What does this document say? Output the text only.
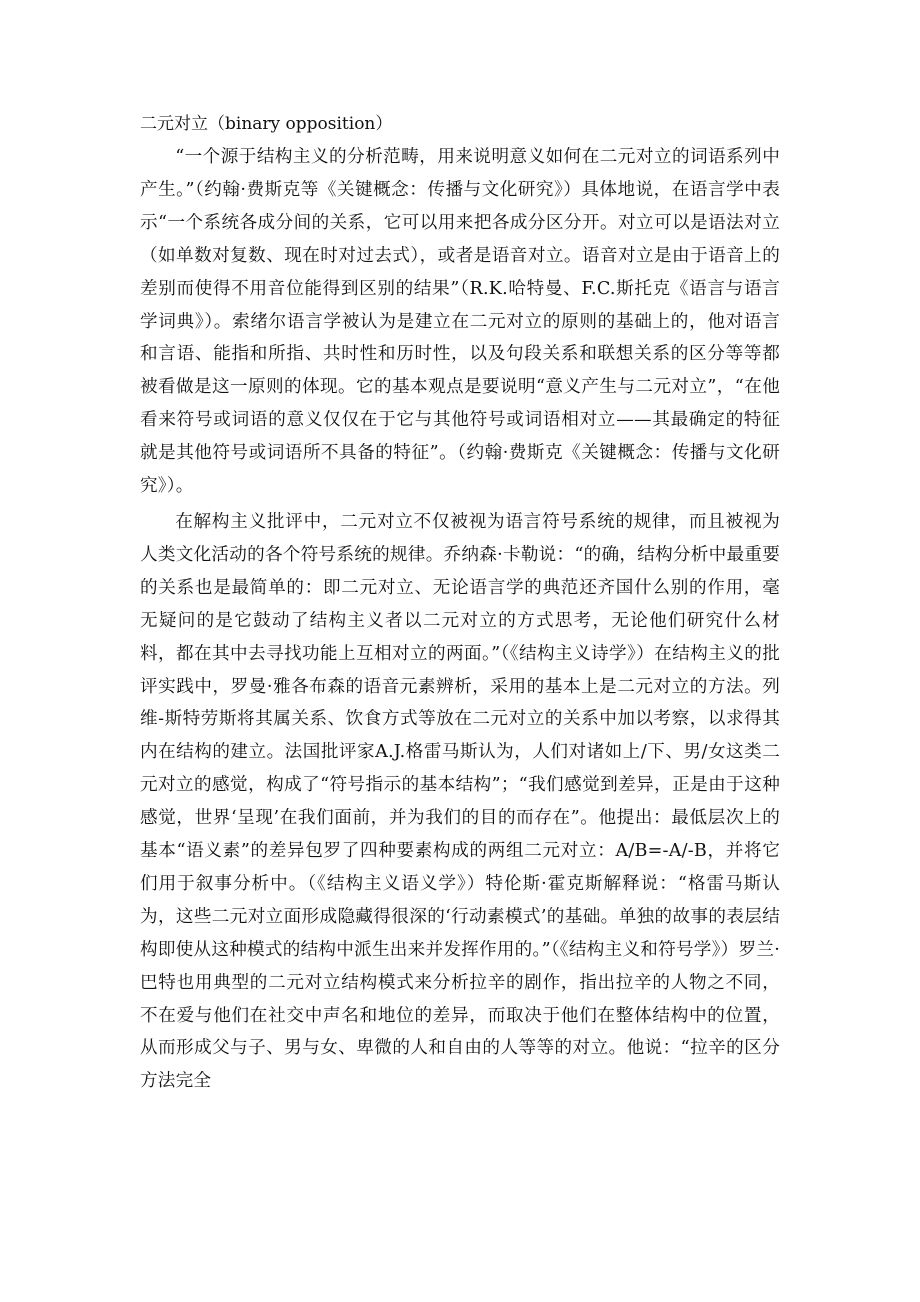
二元对立（binary opposition）

“一个源于结构主义的分析范畴，用来说明意义如何在二元对立的词语系列中产生。”（约翰·费斯克等《关键概念：传播与文化研究》）具体地说，在语言学中表示“一个系统各成分间的关系，它可以用来把各成分区分开。对立可以是语法对立（如单数对复数、现在时对过去式），或者是语音对立。语音对立是由于语音上的差别而使得不用音位能得到区别的结果”（R.K.哈特曼、F.C.斯托克《语言与语言学词典》）。索绪尔语言学被认为是建立在二元对立的原则的基础上的，他对语言和言语、能指和所指、共时性和历时性，以及句段关系和联想关系的区分等等都被看做是这一原则的体现。它的基本观点是要说明“意义产生与二元对立”，“在他看来符号或词语的意义仅仅在于它与其他符号或词语相对立——其最确定的特征就是其他符号或词语所不具备的特征”。（约翰·费斯克《关键概念：传播与文化研究》）。

在解构主义批评中，二元对立不仅被视为语言符号系统的规律，而且被视为人类文化活动的各个符号系统的规律。乔纳森·卡勒说：“的确，结构分析中最重要的关系也是最简单的：即二元对立、无论语言学的典范还齐国什么别的作用，毫无疑问的是它鼓动了结构主义者以二元对立的方式思考，无论他们研究什么材料，都在其中去寻找功能上互相对立的两面。”（《结构主义诗学》）在结构主义的批评实践中，罗曼·雅各布森的语音元素辨析，采用的基本上是二元对立的方法。列维-斯特劳斯将其属关系、饮食方式等放在二元对立的关系中加以考察，以求得其内在结构的建立。法国批评家A.J.格雷马斯认为，人们对诸如上/下、男/女这类二元对立的感觉，构成了“符号指示的基本结构”；“我们感觉到差异，正是由于这种感觉，世界‘呈现’在我们面前，并为我们的目的而存在”。他提出：最低层次上的基本“语义素”的差异包罗了四种要素构成的两组二元对立：A/B=-A/-B，并将它们用于叙事分析中。（《结构主义语义学》）特伦斯·霍克斯解释说：“格雷马斯认为，这些二元对立面形成隐藏得很深的‘行动素模式’的基础。单独的故事的表层结构即使从这种模式的结构中派生出来并发挥作用的。”（《结构主义和符号学》）罗兰·巴特也用典型的二元对立结构模式来分析拉辛的剧作，指出拉辛的人物之不同，不在爱与他们在社交中声名和地位的差异，而取决于他们在整体结构中的位置，从而形成父与子、男与女、卑微的人和自由的人等等的对立。他说：“拉辛的区分方法完全
